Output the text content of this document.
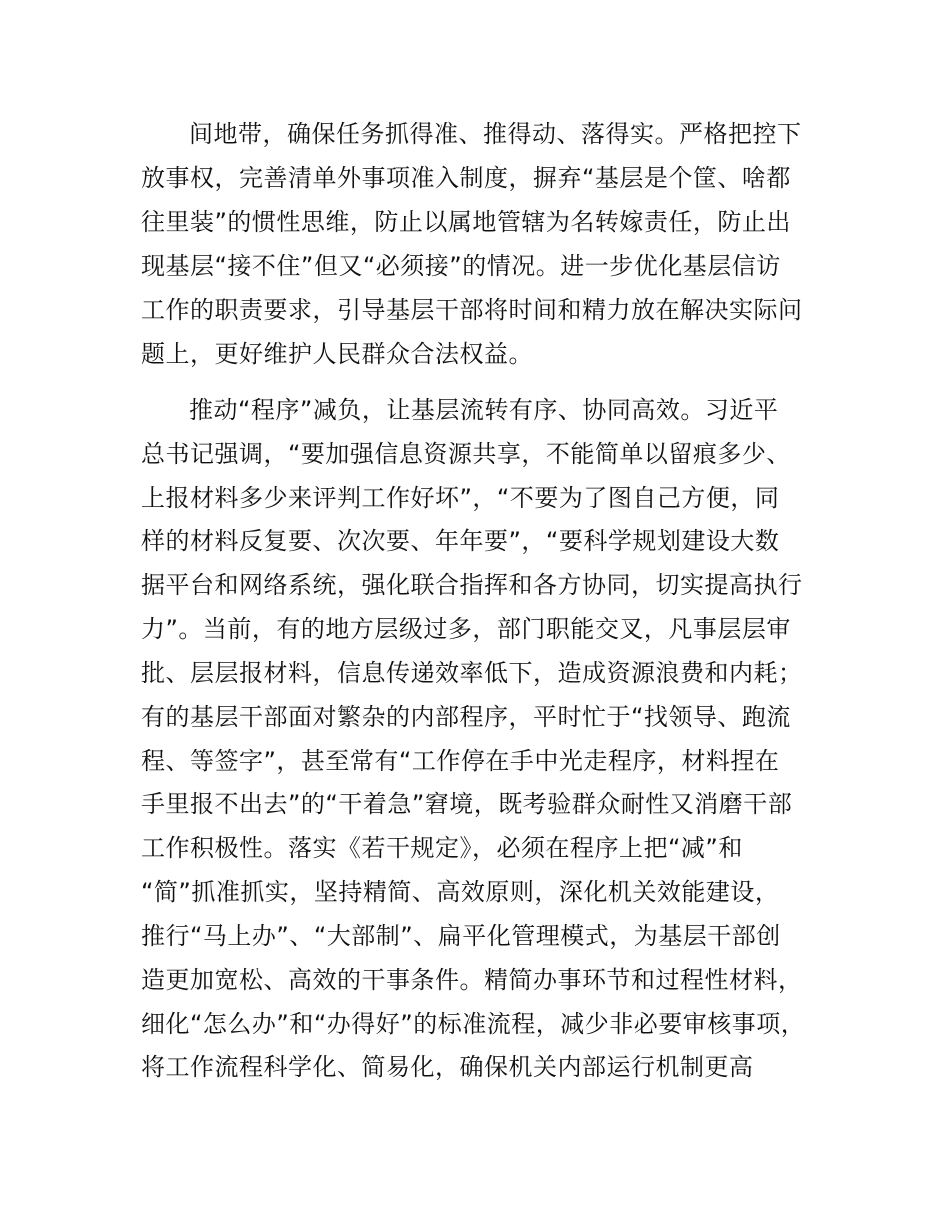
间地带，确保任务抓得准、推得动、落得实。严格把控下

放事权，完善清单外事项准入制度，摒弃“基层是个筐、啥都

往里装”的惯性思维，防止以属地管辖为名转嫁责任，防止出

现基层“接不住”但又“必须接”的情况。进一步优化基层信访

工作的职责要求，引导基层干部将时间和精力放在解决实际问

题上，更好维护人民群众合法权益。

推动“程序”减负，让基层流转有序、协同高效。习近平

总书记强调，“要加强信息资源共享，不能简单以留痕多少、

上报材料多少来评判工作好坏”，“不要为了图自己方便，同

样的材料反复要、次次要、年年要”，“要科学规划建设大数

据平台和网络系统，强化联合指挥和各方协同，切实提高执行

力”。当前，有的地方层级过多，部门职能交叉，凡事层层审

批、层层报材料，信息传递效率低下，造成资源浪费和内耗；

有的基层干部面对繁杂的内部程序，平时忙于“找领导、跑流

程、等签字”，甚至常有“工作停在手中光走程序，材料捏在

手里报不出去”的“干着急”窘境，既考验群众耐性又消磨干部

工作积极性。落实《若干规定》，必须在程序上把“减”和

“简”抓准抓实，坚持精简、高效原则，深化机关效能建设，

推行“马上办”、“大部制”、扁平化管理模式，为基层干部创

造更加宽松、高效的干事条件。精简办事环节和过程性材料，

细化“怎么办”和“办得好”的标准流程，减少非必要审核事项，

将工作流程科学化、简易化，确保机关内部运行机制更高
